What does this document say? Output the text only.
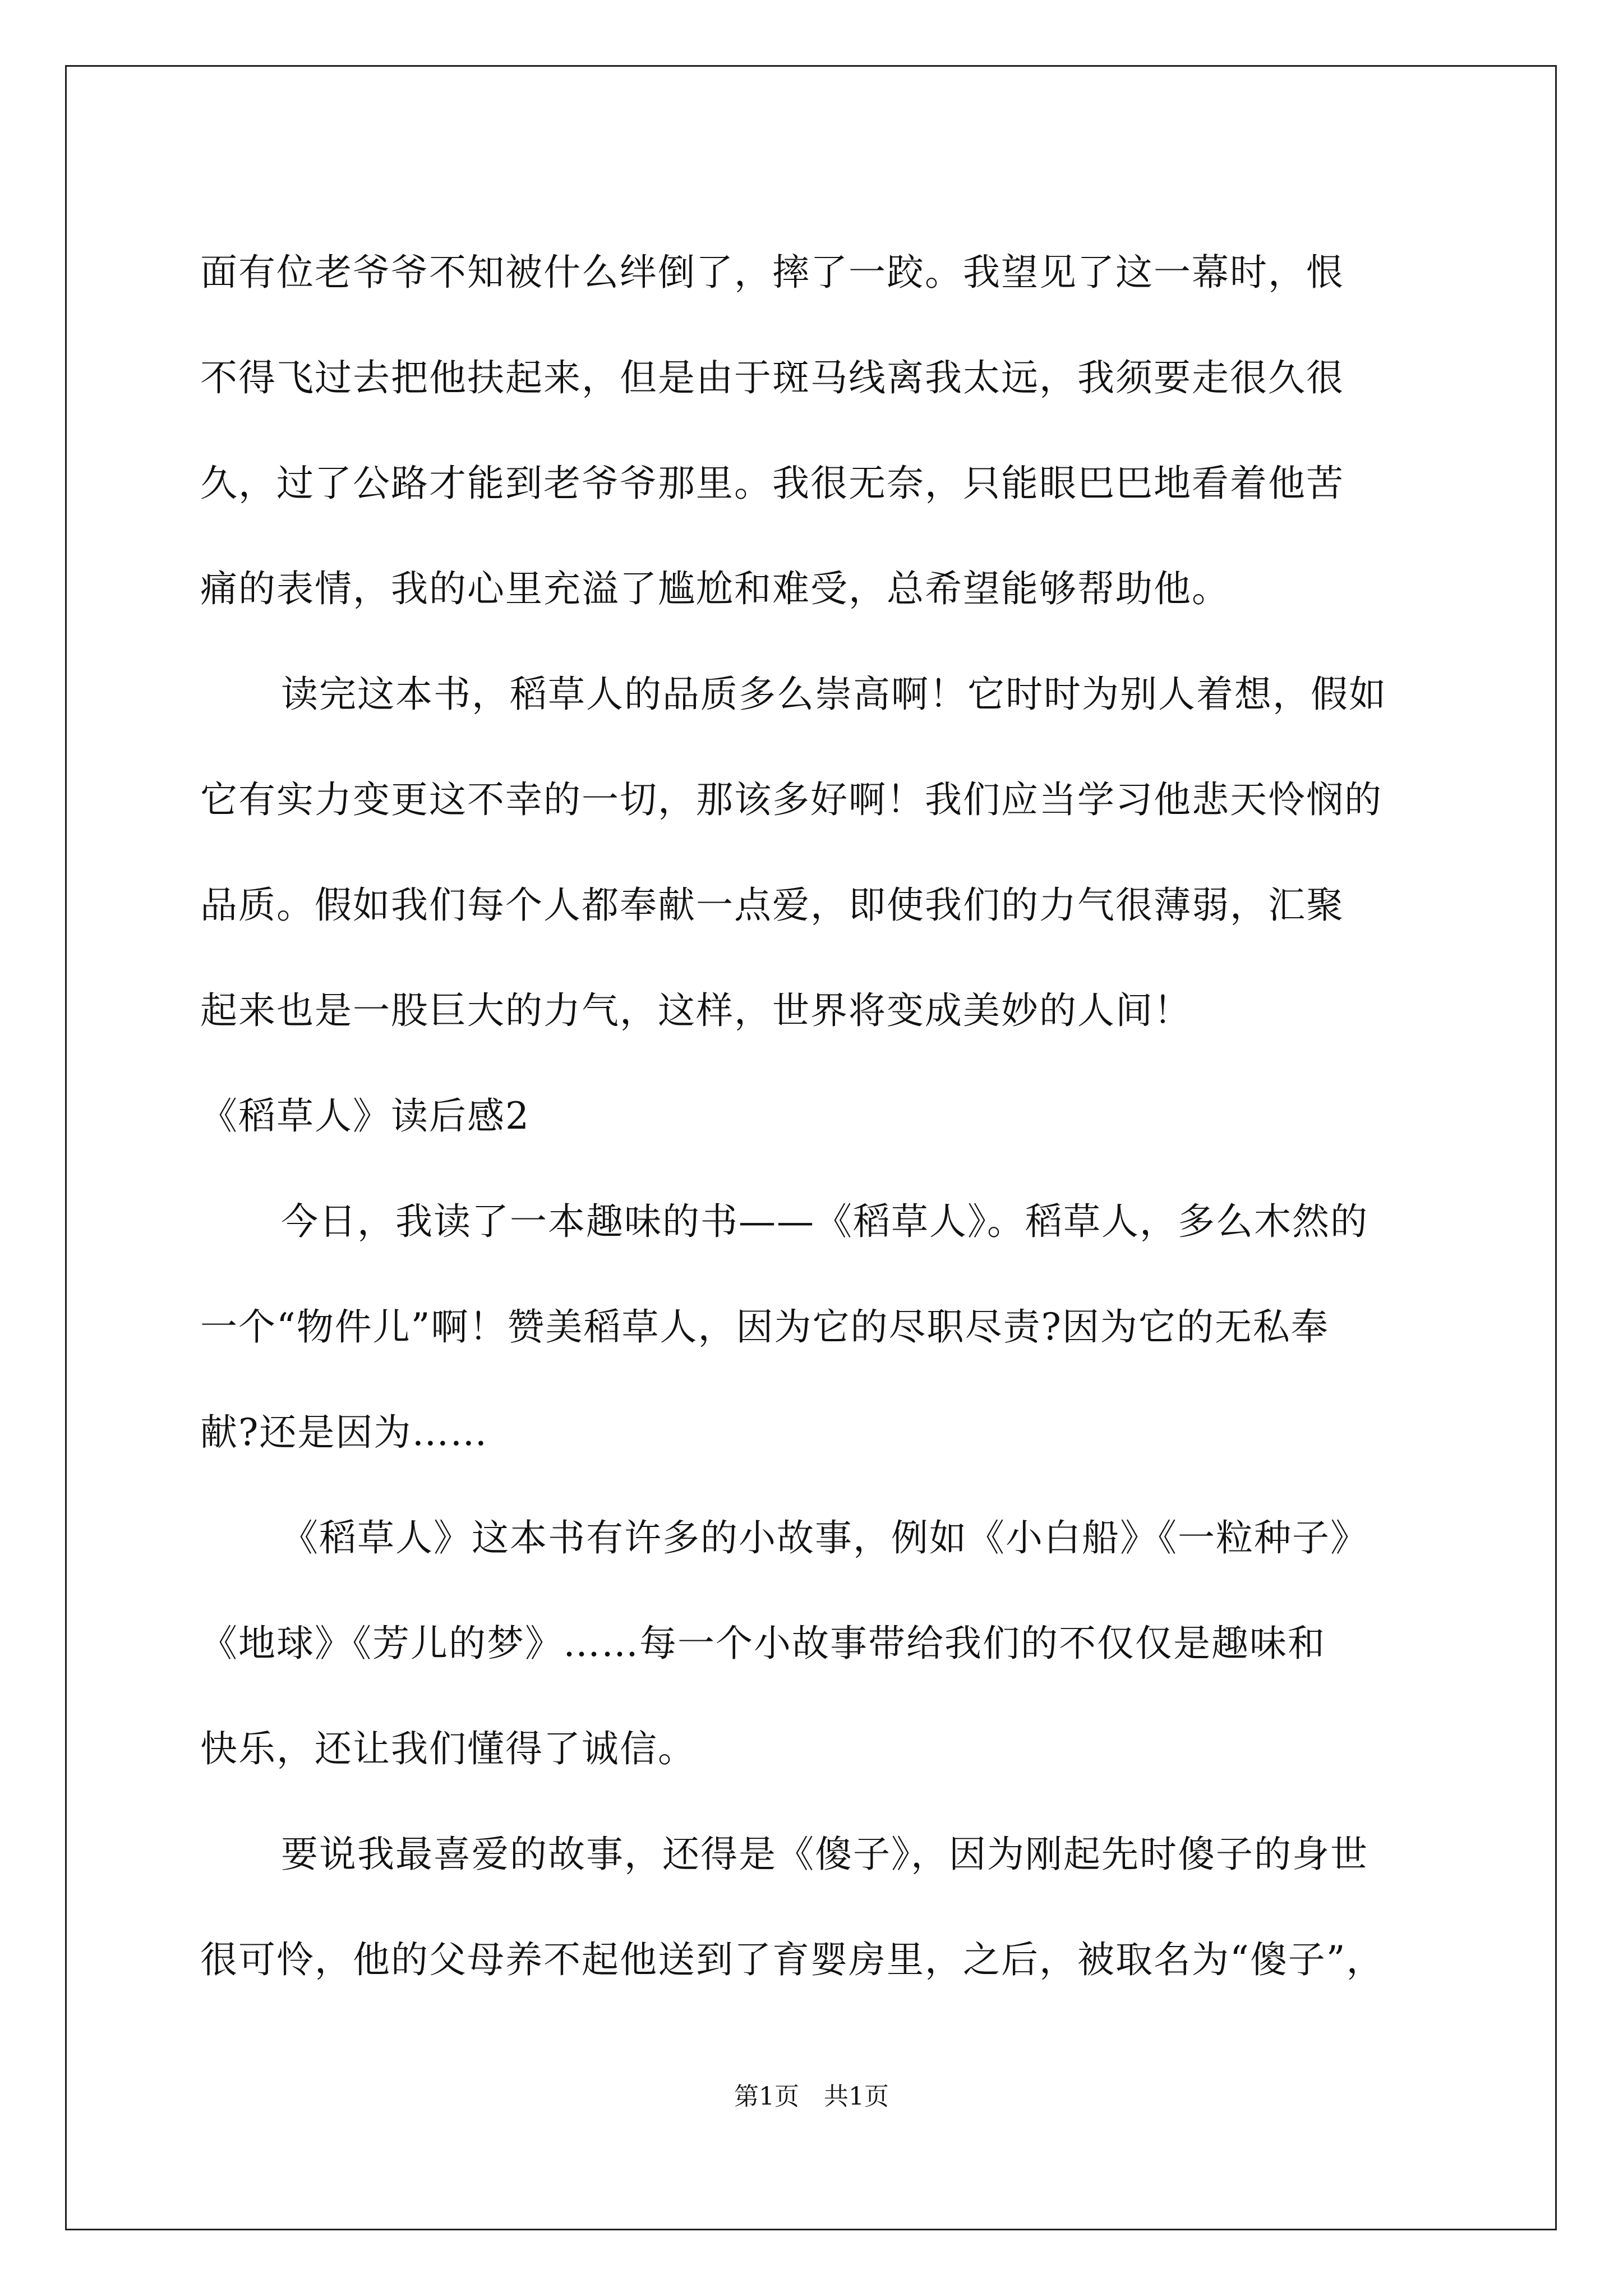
面有位老爷爷不知被什么绊倒了，摔了一跤。我望见了这一幕时，恨
不得飞过去把他扶起来，但是由于斑马线离我太远，我须要走很久很
久，过了公路才能到老爷爷那里。我很无奈，只能眼巴巴地看着他苦
痛的表情，我的心里充溢了尴尬和难受，总希望能够帮助他。
读完这本书，稻草人的品质多么崇高啊！它时时为别人着想，假如
它有实力变更这不幸的一切，那该多好啊！我们应当学习他悲天怜悯的
品质。假如我们每个人都奉献一点爱，即使我们的力气很薄弱，汇聚
起来也是一股巨大的力气，这样，世界将变成美妙的人间！
《稻草人》读后感2
今日，我读了一本趣味的书——《稻草人》。稻草人，多么木然的
一个“物件儿”啊！赞美稻草人，因为它的尽职尽责?因为它的无私奉
献?还是因为……
《稻草人》这本书有许多的小故事，例如《小白船》《一粒种子》
《地球》《芳儿的梦》……每一个小故事带给我们的不仅仅是趣味和
快乐，还让我们懂得了诚信。
要说我最喜爱的故事，还得是《傻子》，因为刚起先时傻子的身世
很可怜，他的父母养不起他送到了育婴房里，之后，被取名为“傻子”，
第1页　共1页
